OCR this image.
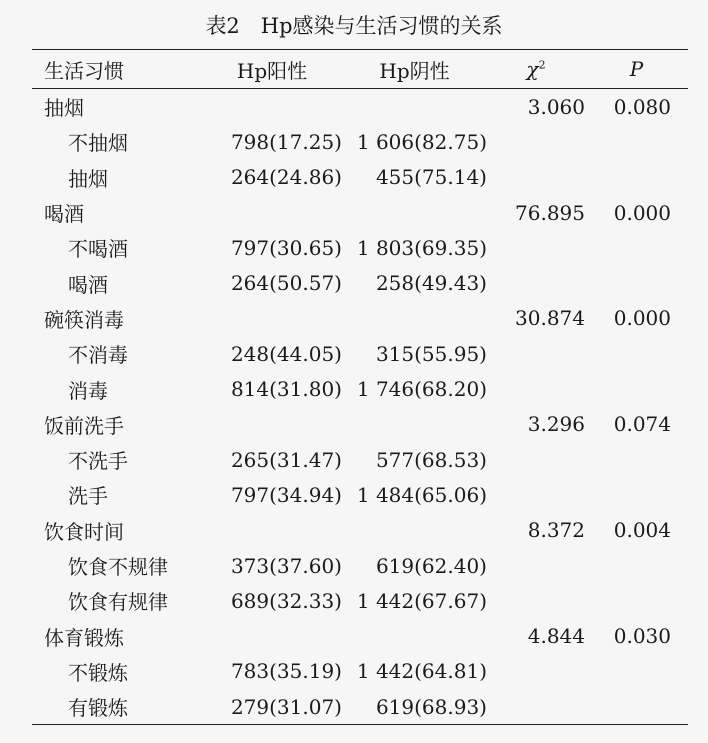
表2　Hp感染与生活习惯的关系
生活习惯	Hp阳性	Hp阴性	$\chi^2$	P
抽烟			3.060	0.080
不抽烟	798(17.25)	1 606(82.75)		
抽烟	264(24.86)	455(75.14)		
喝酒			76.895	0.000
不喝酒	797(30.65)	1 803(69.35)		
喝酒	264(50.57)	258(49.43)		
碗筷消毒			30.874	0.000
不消毒	248(44.05)	315(55.95)		
消毒	814(31.80)	1 746(68.20)		
饭前洗手			3.296	0.074
不洗手	265(31.47)	577(68.53)		
洗手	797(34.94)	1 484(65.06)		
饮食时间			8.372	0.004
饮食不规律	373(37.60)	619(62.40)		
饮食有规律	689(32.33)	1 442(67.67)		
体育锻炼			4.844	0.030
不锻炼	783(35.19)	1 442(64.81)		
有锻炼	279(31.07)	619(68.93)		
